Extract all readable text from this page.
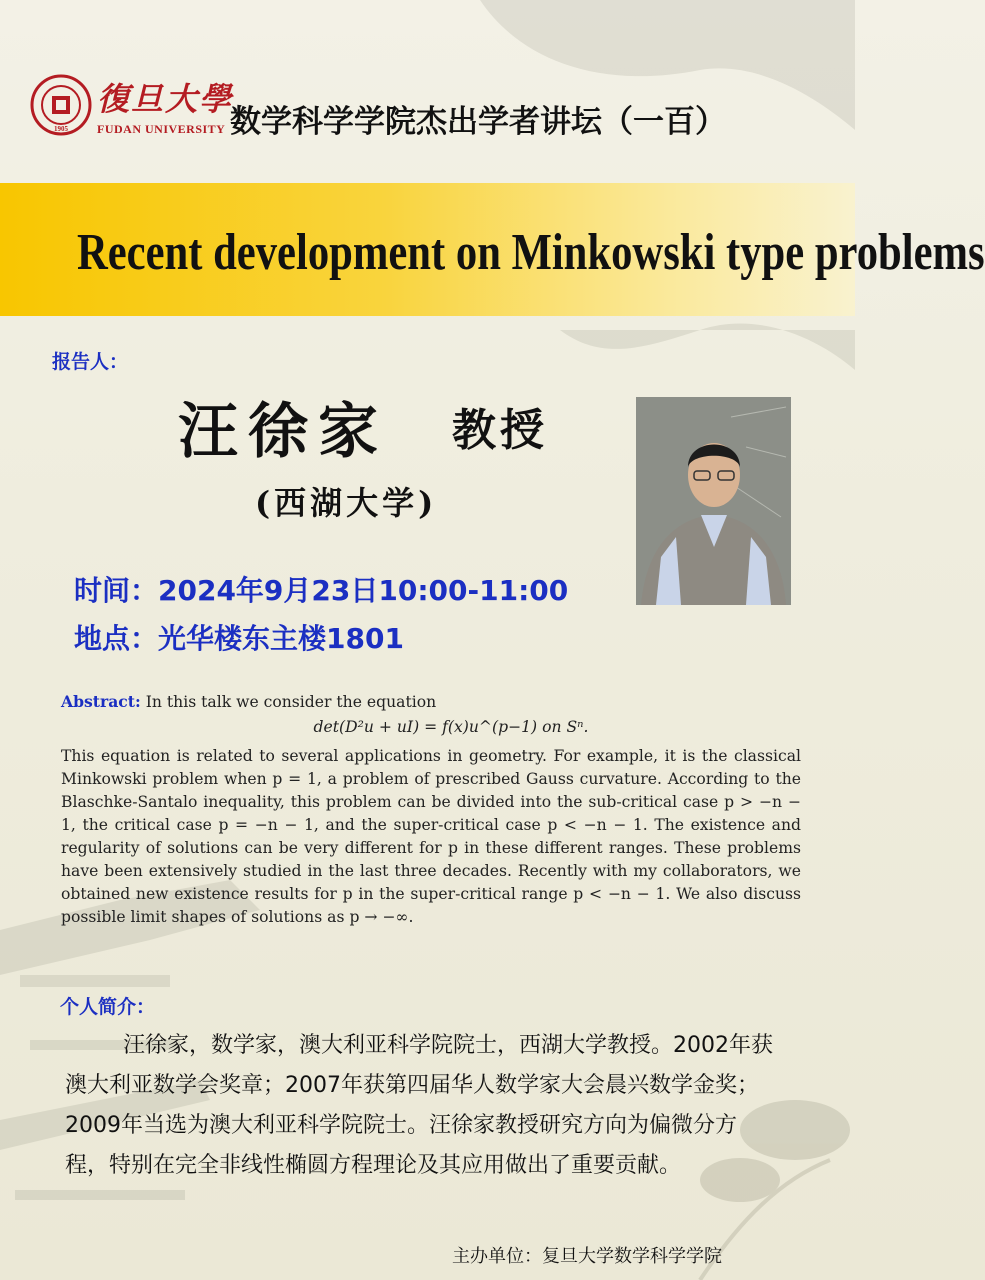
1905
復旦大學
FUDAN UNIVERSITY 数学科学学院杰出学者讲坛（一百）
Recent development on Minkowski type problems
报告人：
汪徐家 教授
(西湖大学)
时间：2024年9月23日10:00-11:00
地点：光华楼东主楼1801
Abstract: In this talk we consider the equation
det(D²u + uI) = f(x)u^(p−1) on Sⁿ.
This equation is related to several applications in geometry. For example, it is the classical Minkowski problem when p = 1, a problem of prescribed Gauss curvature. According to the Blaschke-Santalo inequality, this problem can be divided into the sub-critical case p > −n − 1, the critical case p = −n − 1, and the super-critical case p < −n − 1. The existence and regularity of solutions can be very different for p in these different ranges. These problems have been extensively studied in the last three decades. Recently with my collaborators, we obtained new existence results for p in the super-critical range p < −n − 1. We also discuss possible limit shapes of solutions as p → −∞.
个人简介：

汪徐家，数学家，澳大利亚科学院院士，西湖大学教授。2002年获澳大利亚数学会奖章；2007年获第四届华人数学家大会晨兴数学金奖；2009年当选为澳大利亚科学院院士。汪徐家教授研究方向为偏微分方程，特别在完全非线性椭圆方程理论及其应用做出了重要贡献。

主办单位：复旦大学数学科学学院
